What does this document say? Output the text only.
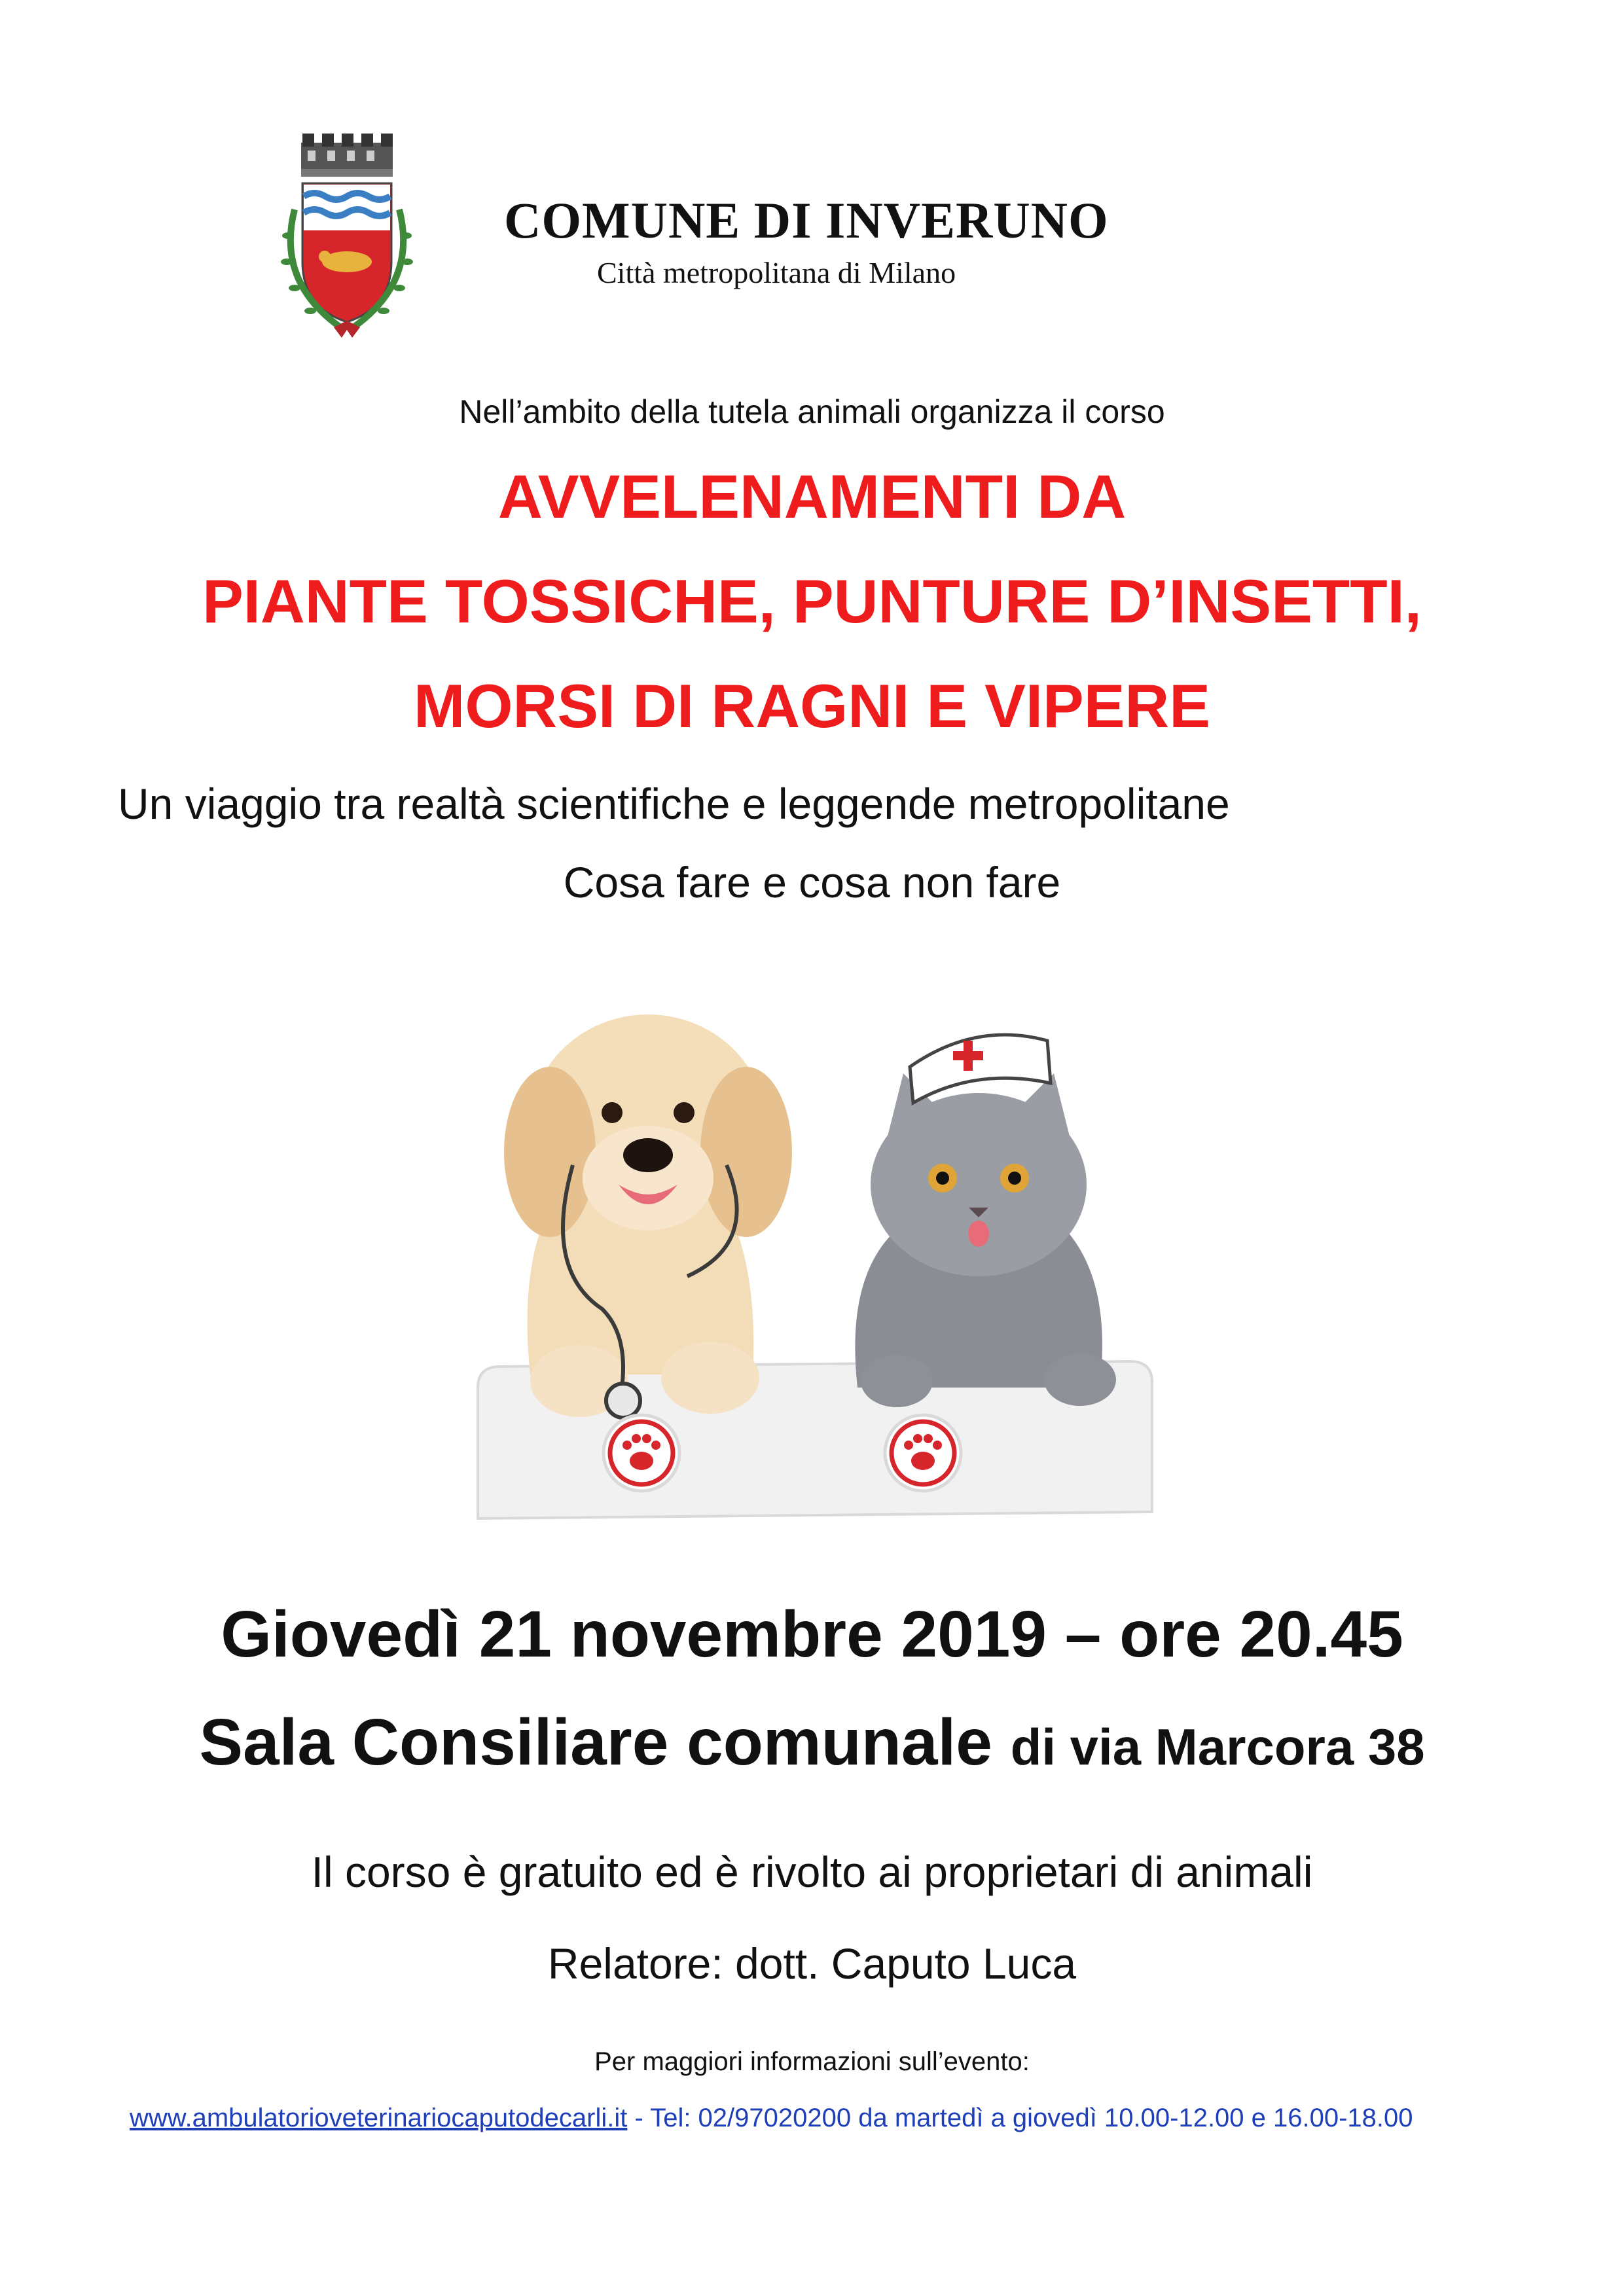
COMUNE DI INVERUNO
Città metropolitana di Milano
Nell’ambito della tutela animali organizza il corso
AVVELENAMENTI DA
PIANTE TOSSICHE, PUNTURE D’INSETTI,
MORSI DI RAGNI E VIPERE
Un viaggio tra realtà scientifiche e leggende metropolitane
Cosa fare e cosa non fare
Giovedì 21 novembre 2019 – ore 20.45
Sala Consiliare comunale di via Marcora 38
Il corso è gratuito ed è rivolto ai proprietari di animali
Relatore: dott. Caputo Luca
Per maggiori informazioni sull’evento:
www.ambulatorioveterinariocaputodecarli.it - Tel: 02/97020200 da martedì a giovedì 10.00-12.00 e 16.00-18.00
